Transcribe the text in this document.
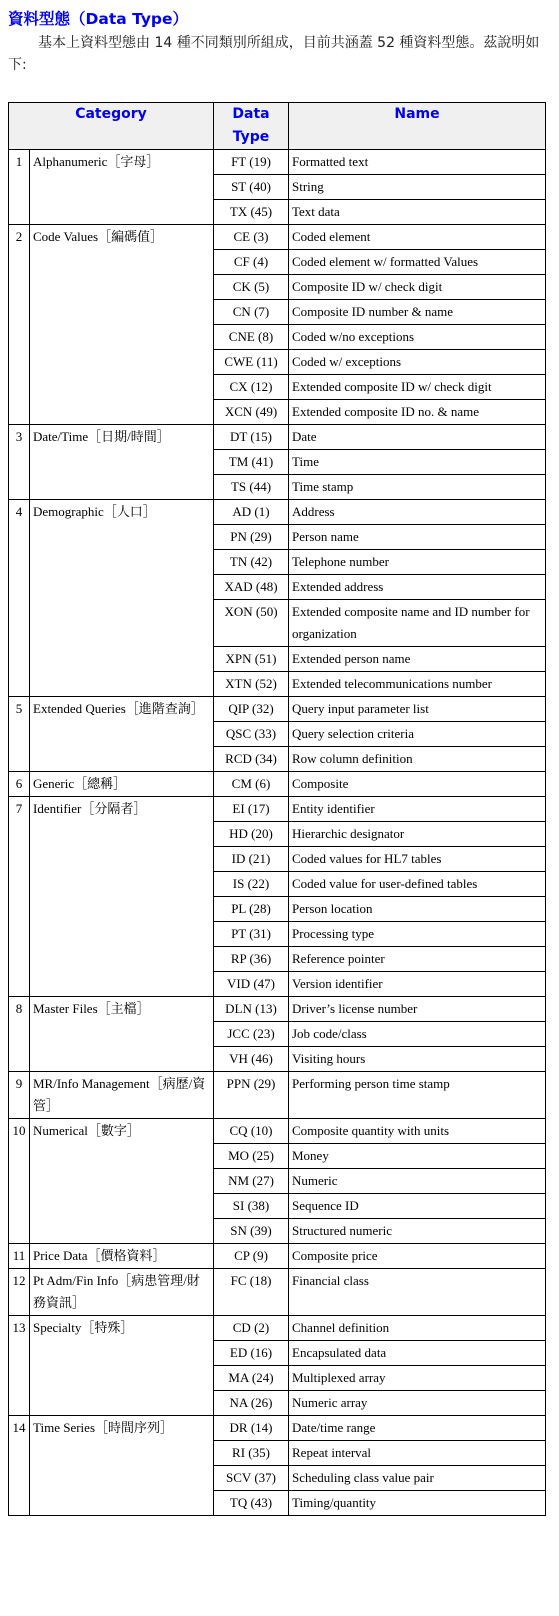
資料型態（Data Type）

基本上資料型態由 14 種不同類別所組成，目前共涵蓋 52 種資料型態。茲說明如下:

Category		Data Type	Name
1	Alphanumeric［字母］	FT (19)	Formatted text
		ST (40)	String
		TX (45)	Text data
2	Code Values［編碼值］	CE (3)	Coded element
		CF (4)	Coded element w/ formatted Values
		CK (5)	Composite ID w/ check digit
		CN (7)	Composite ID number & name
		CNE (8)	Coded w/no exceptions
		CWE (11)	Coded w/ exceptions
		CX (12)	Extended composite ID w/ check digit
		XCN (49)	Extended composite ID no. & name
3	Date/Time［日期/時間］	DT (15)	Date
		TM (41)	Time
		TS (44)	Time stamp
4	Demographic［人口］	AD (1)	Address
		PN (29)	Person name
		TN (42)	Telephone number
		XAD (48)	Extended address
		XON (50)	Extended composite name and ID number for organization
		XPN (51)	Extended person name
		XTN (52)	Extended telecommunications number
5	Extended Queries［進階查詢］	QIP (32)	Query input parameter list
		QSC (33)	Query selection criteria
		RCD (34)	Row column definition
6	Generic［總稱］	CM (6)	Composite
7	Identifier［分隔者］	EI (17)	Entity identifier
		HD (20)	Hierarchic designator
		ID (21)	Coded values for HL7 tables
		IS (22)	Coded value for user-defined tables
		PL (28)	Person location
		PT (31)	Processing type
		RP (36)	Reference pointer
		VID (47)	Version identifier
8	Master Files［主檔］	DLN (13)	Driver’s license number
		JCC (23)	Job code/class
		VH (46)	Visiting hours
9	MR/Info Management［病歷/資管］	PPN (29)	Performing person time stamp
10	Numerical［數字］	CQ (10)	Composite quantity with units
		MO (25)	Money
		NM (27)	Numeric
		SI (38)	Sequence ID
		SN (39)	Structured numeric
11	Price Data［價格資料］	CP (9)	Composite price
12	Pt Adm/Fin Info［病患管理/財務資訊］	FC (18)	Financial class
13	Specialty［特殊］	CD (2)	Channel definition
		ED (16)	Encapsulated data
		MA (24)	Multiplexed array
		NA (26)	Numeric array
14	Time Series［時間序列］	DR (14)	Date/time range
		RI (35)	Repeat interval
		SCV (37)	Scheduling class value pair
		TQ (43)	Timing/quantity
